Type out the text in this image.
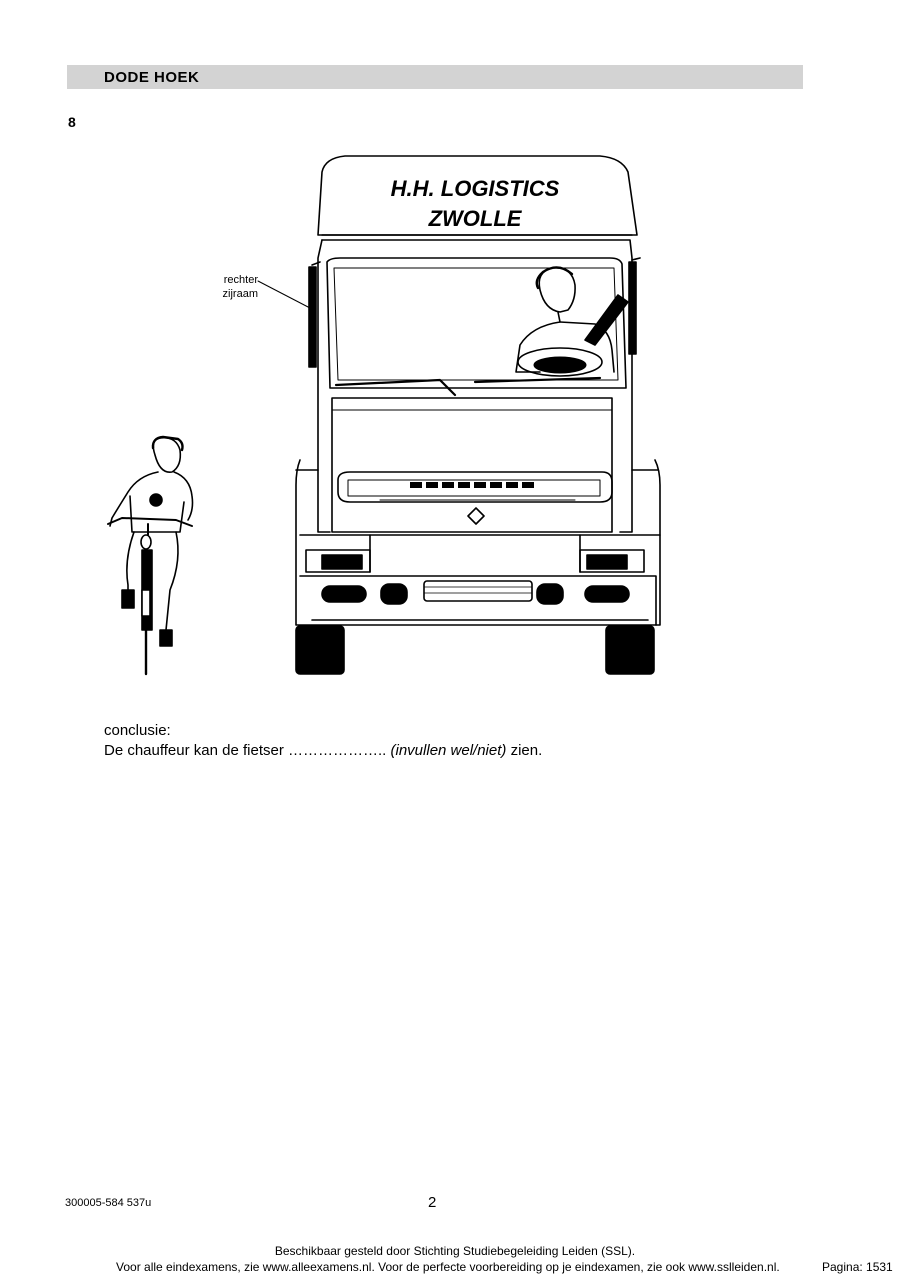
DODE HOEK
8
H.H. LOGISTICS
ZWOLLE
rechter
zijraam
conclusie:
De chauffeur kan de fietser ……………….. (invullen wel/niet) zien.
300005-584 537u	2
Beschikbaar gesteld door Stichting Studiebegeleiding Leiden (SSL).
Voor alle eindexamens, zie www.alleexamens.nl. Voor de perfecte voorbereiding op je eindexamen, zie ook www.sslleiden.nl.	Pagina: 1531
